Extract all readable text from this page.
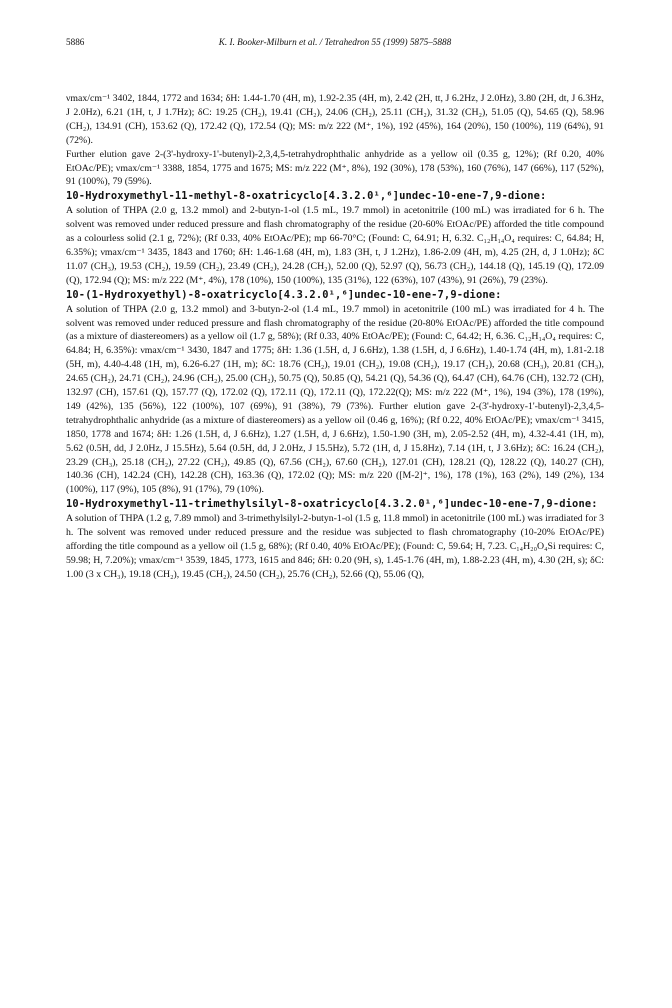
5886	K. I. Booker-Milburn et al. / Tetrahedron 55 (1999) 5875–5888

νmax/cm⁻¹ 3402, 1844, 1772 and 1634; δH: 1.44-1.70 (4H, m), 1.92-2.35 (4H, m), 2.42 (2H, tt, J 6.2Hz, J 2.0Hz), 3.80 (2H, dt, J 6.3Hz, J 2.0Hz), 6.21 (1H, t, J 1.7Hz); δC: 19.25 (CH₂), 19.41 (CH₂), 24.06 (CH₂), 25.11 (CH₂), 31.32 (CH₂), 51.05 (Q), 54.65 (Q), 58.96 (CH₂), 134.91 (CH), 153.62 (Q), 172.42 (Q), 172.54 (Q); MS: m/z 222 (M⁺, 1%), 192 (45%), 164 (20%), 150 (100%), 119 (64%), 91 (72%).

Further elution gave 2-(3'-hydroxy-1'-butenyl)-2,3,4,5-tetrahydrophthalic anhydride as a yellow oil (0.35 g, 12%); (Rf 0.20, 40% EtOAc/PE); νmax/cm⁻¹ 3388, 1854, 1775 and 1675; MS: m/z 222 (M⁺, 8%), 192 (30%), 178 (53%), 160 (76%), 147 (66%), 117 (52%), 91 (100%), 79 (59%).

10-Hydroxymethyl-11-methyl-8-oxatricyclo[4.3.2.0¹,⁶]undec-10-ene-7,9-dione:

A solution of THPA (2.0 g, 13.2 mmol) and 2-butyn-1-ol (1.5 mL, 19.7 mmol) in acetonitrile (100 mL) was irradiated for 6 h. The solvent was removed under reduced pressure and flash chromatography of the residue (20-60% EtOAc/PE) afforded the title compound as a colourless solid (2.1 g, 72%); (Rf 0.33, 40% EtOAc/PE); mp 66-70°C; (Found: C, 64.91; H, 6.32. C₁₂H₁₄O₄ requires: C, 64.84; H, 6.35%); νmax/cm⁻¹ 3435, 1843 and 1760; δH: 1.46-1.68 (4H, m), 1.83 (3H, t, J 1.2Hz), 1.86-2.09 (4H, m), 4.25 (2H, d, J 1.0Hz); δC 11.07 (CH₃), 19.53 (CH₂), 19.59 (CH₂), 23.49 (CH₂), 24.28 (CH₂), 52.00 (Q), 52.97 (Q), 56.73 (CH₂), 144.18 (Q), 145.19 (Q), 172.09 (Q), 172.94 (Q); MS: m/z 222 (M⁺, 4%), 178 (10%), 150 (100%), 135 (31%), 122 (63%), 107 (43%), 91 (26%), 79 (23%).

10-(1-Hydroxyethyl)-8-oxatricyclo[4.3.2.0¹,⁶]undec-10-ene-7,9-dione:

A solution of THPA (2.0 g, 13.2 mmol) and 3-butyn-2-ol (1.4 mL, 19.7 mmol) in acetonitrile (100 mL) was irradiated for 4 h. The solvent was removed under reduced pressure and flash chromatography of the residue (20-80% EtOAc/PE) afforded the title compound (as a mixture of diastereomers) as a yellow oil (1.7 g, 58%); (Rf 0.33, 40% EtOAc/PE); (Found: C, 64.42; H, 6.36. C₁₂H₁₄O₄ requires: C, 64.84; H, 6.35%): νmax/cm⁻¹ 3430, 1847 and 1775; δH: 1.36 (1.5H, d, J 6.6Hz), 1.38 (1.5H, d, J 6.6Hz), 1.40-1.74 (4H, m), 1.81-2.18 (5H, m), 4.40-4.48 (1H, m), 6.26-6.27 (1H, m); δC: 18.76 (CH₂), 19.01 (CH₂), 19.08 (CH₂), 19.17 (CH₂), 20.68 (CH₃), 20.81 (CH₃), 24.65 (CH₂), 24.71 (CH₂), 24.96 (CH₂), 25.00 (CH₂), 50.75 (Q), 50.85 (Q), 54.21 (Q), 54.36 (Q), 64.47 (CH), 64.76 (CH), 132.72 (CH), 132.97 (CH), 157.61 (Q), 157.77 (Q), 172.02 (Q), 172.11 (Q), 172.11 (Q), 172.22(Q); MS: m/z 222 (M⁺, 1%), 194 (3%), 178 (19%), 149 (42%), 135 (56%), 122 (100%), 107 (69%), 91 (38%), 79 (73%). Further elution gave 2-(3'-hydroxy-1'-butenyl)-2,3,4,5-tetrahydrophthalic anhydride (as a mixture of diastereomers) as a yellow oil (0.46 g, 16%); (Rf 0.22, 40% EtOAc/PE); νmax/cm⁻¹ 3415, 1850, 1778 and 1674; δH: 1.26 (1.5H, d, J 6.6Hz), 1.27 (1.5H, d, J 6.6Hz), 1.50-1.90 (3H, m), 2.05-2.52 (4H, m), 4.32-4.41 (1H, m), 5.62 (0.5H, dd, J 2.0Hz, J 15.5Hz), 5.64 (0.5H, dd, J 2.0Hz, J 15.5Hz), 5.72 (1H, d, J 15.8Hz), 7.14 (1H, t, J 3.6Hz); δC: 16.24 (CH₂), 23.29 (CH₃), 25.18 (CH₂), 27.22 (CH₂), 49.85 (Q), 67.56 (CH₂), 67.60 (CH₂), 127.01 (CH), 128.21 (Q), 128.22 (Q), 140.27 (CH), 140.36 (CH), 142.24 (CH), 142.28 (CH), 163.36 (Q), 172.02 (Q); MS: m/z 220 ([M-2]⁺, 1%), 178 (1%), 163 (2%), 149 (2%), 134 (100%), 117 (9%), 105 (8%), 91 (17%), 79 (10%).

10-Hydroxymethyl-11-trimethylsilyl-8-oxatricyclo[4.3.2.0¹,⁶]undec-10-ene-7,9-dione:

A solution of THPA (1.2 g, 7.89 mmol) and 3-trimethylsilyl-2-butyn-1-ol (1.5 g, 11.8 mmol) in acetonitrile (100 mL) was irradiated for 3 h. The solvent was removed under reduced pressure and the residue was subjected to flash chromatography (10-20% EtOAc/PE) affording the title compound as a yellow oil (1.5 g, 68%); (Rf 0.40, 40% EtOAc/PE); (Found: C, 59.64; H, 7.23. C₁₄H₂₀O₄Si requires: C, 59.98; H, 7.20%); νmax/cm⁻¹ 3539, 1845, 1773, 1615 and 846; δH: 0.20 (9H, s), 1.45-1.76 (4H, m), 1.88-2.23 (4H, m), 4.30 (2H, s); δC: 1.00 (3 x CH₃), 19.18 (CH₂), 19.45 (CH₂), 24.50 (CH₂), 25.76 (CH₂), 52.66 (Q), 55.06 (Q),
